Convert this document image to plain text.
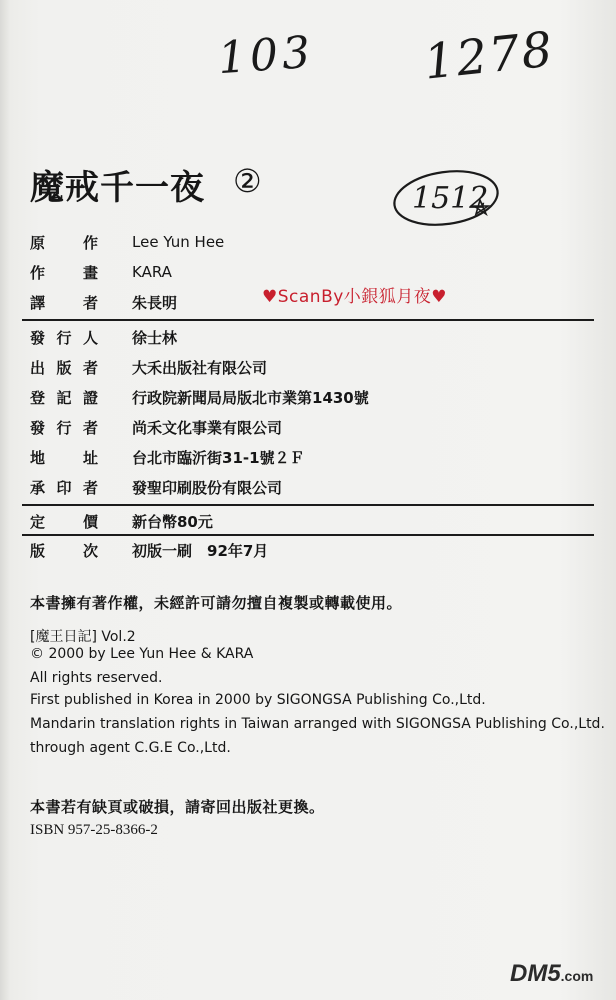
103 1278
魔戒千一夜 ②	1512
♥ScanBy小銀狐月夜♥
原	作 Lee Yun Hee
作	畫 KARA
譯	者 朱長明
發 行 人 徐士林
出 版 者 大禾出版社有限公司
登 記 證 行政院新聞局局版北市業第1430號
發 行 者 尚禾文化事業有限公司
地	址 台北市臨沂街31-1號２Ｆ
承 印 者 發聖印刷股份有限公司
定	價 新台幣80元
版	次 初版一刷　92年7月
本書擁有著作權，未經許可請勿擅自複製或轉載使用。
[魔王日記] Vol.2
© 2000 by Lee Yun Hee & KARA
All rights reserved.
First published in Korea in 2000 by SIGONGSA Publishing Co.,Ltd.
Mandarin translation rights in Taiwan arranged with SIGONGSA Publishing Co.,Ltd.
through agent C.G.E Co.,Ltd.
本書若有缺頁或破損，請寄回出版社更換。
ISBN 957-25-8366-2
DM5.com
